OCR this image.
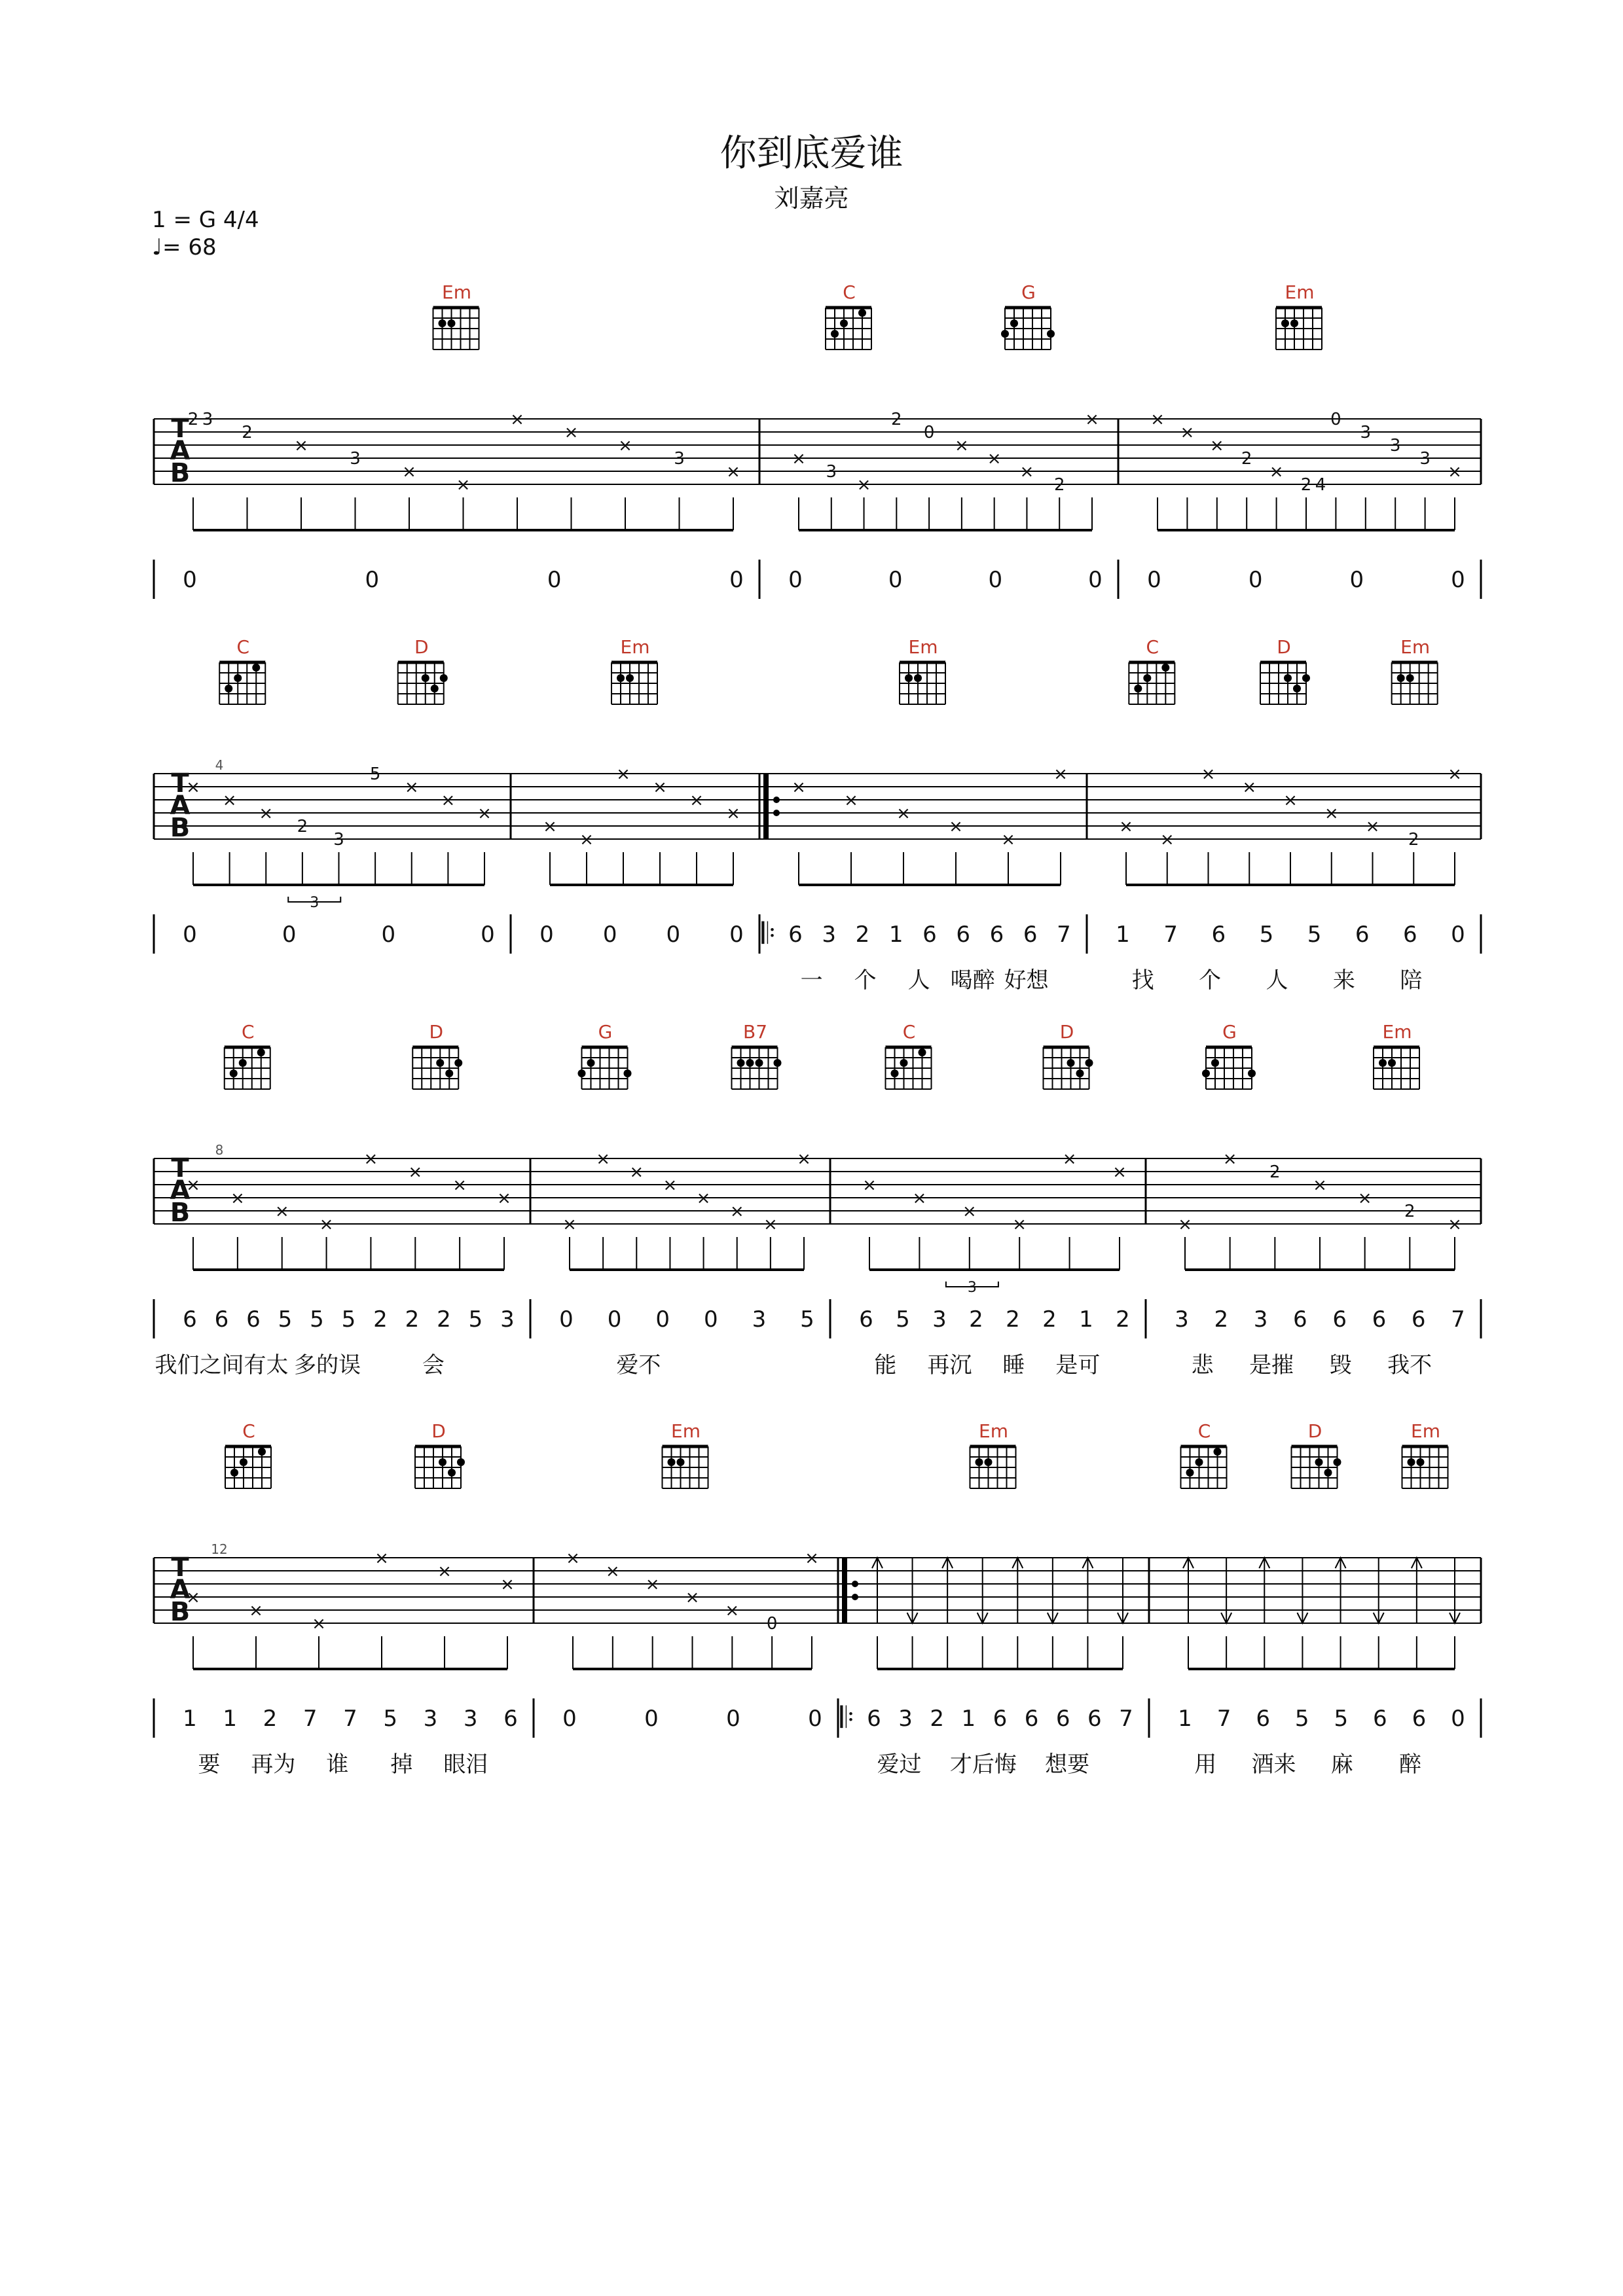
你到底爱谁
刘嘉亮
1 = G 4/4
♩= 68
T
A
B
Em
2 3
2
×
3
×
×
×
×
×
3
×
0	0	0	0
C	G
×
3
×
2
0
×
×
×
2
×
0	0	0	0
Em
×
×
×
2
×
2 4
0
3
3
3
×
0	0	0	0
T
A
B
4
𝄆
C	D
×
×
×
2
3
5
×
×
×
3
0	0	0	0
Em
×
×
×
×
×
×
0 0 0 0
Em
×
×
×
×
×
×
6 3 2 1 6 6 6 6 7
一 个 人 喝醉 好想
C	D	Em
×
×
×
×
×
×
×
2
×
1 7 6 5 5 6 6 0
找 个 人 来 陪
T
A
B
8
C	D
×
×
×
×
×
×
×
×
6 6 6 5 5 5 2 2 2 5 3
我们之间有太 多的误	会
G	B7
×
×
×
×
×
×
×
×
0 0 0 0 3 5
爱不
C	D
×
×
×
×
×
×
3
6 5 3 2 2 2 1 2
能 再沉 睡 是可
G	Em
×
×
2
×
×
2
×
3 2 3 6 6 6 6 7
悲 是摧 毁 我不
T
A
B
12
𝄆
C	D
×
×
×
×
×
×
1 1 2 7 7 5 3 3 6
要 再为 谁 掉 眼泪
Em
×
×
×
×
×
0
×
0	0	0	0
Em
6 3 2 1 6 6 6 6 7
爱过 才后悔 想要
C	D	Em
1 7 6 5 5 6 6 0
用 酒来 麻 醉
